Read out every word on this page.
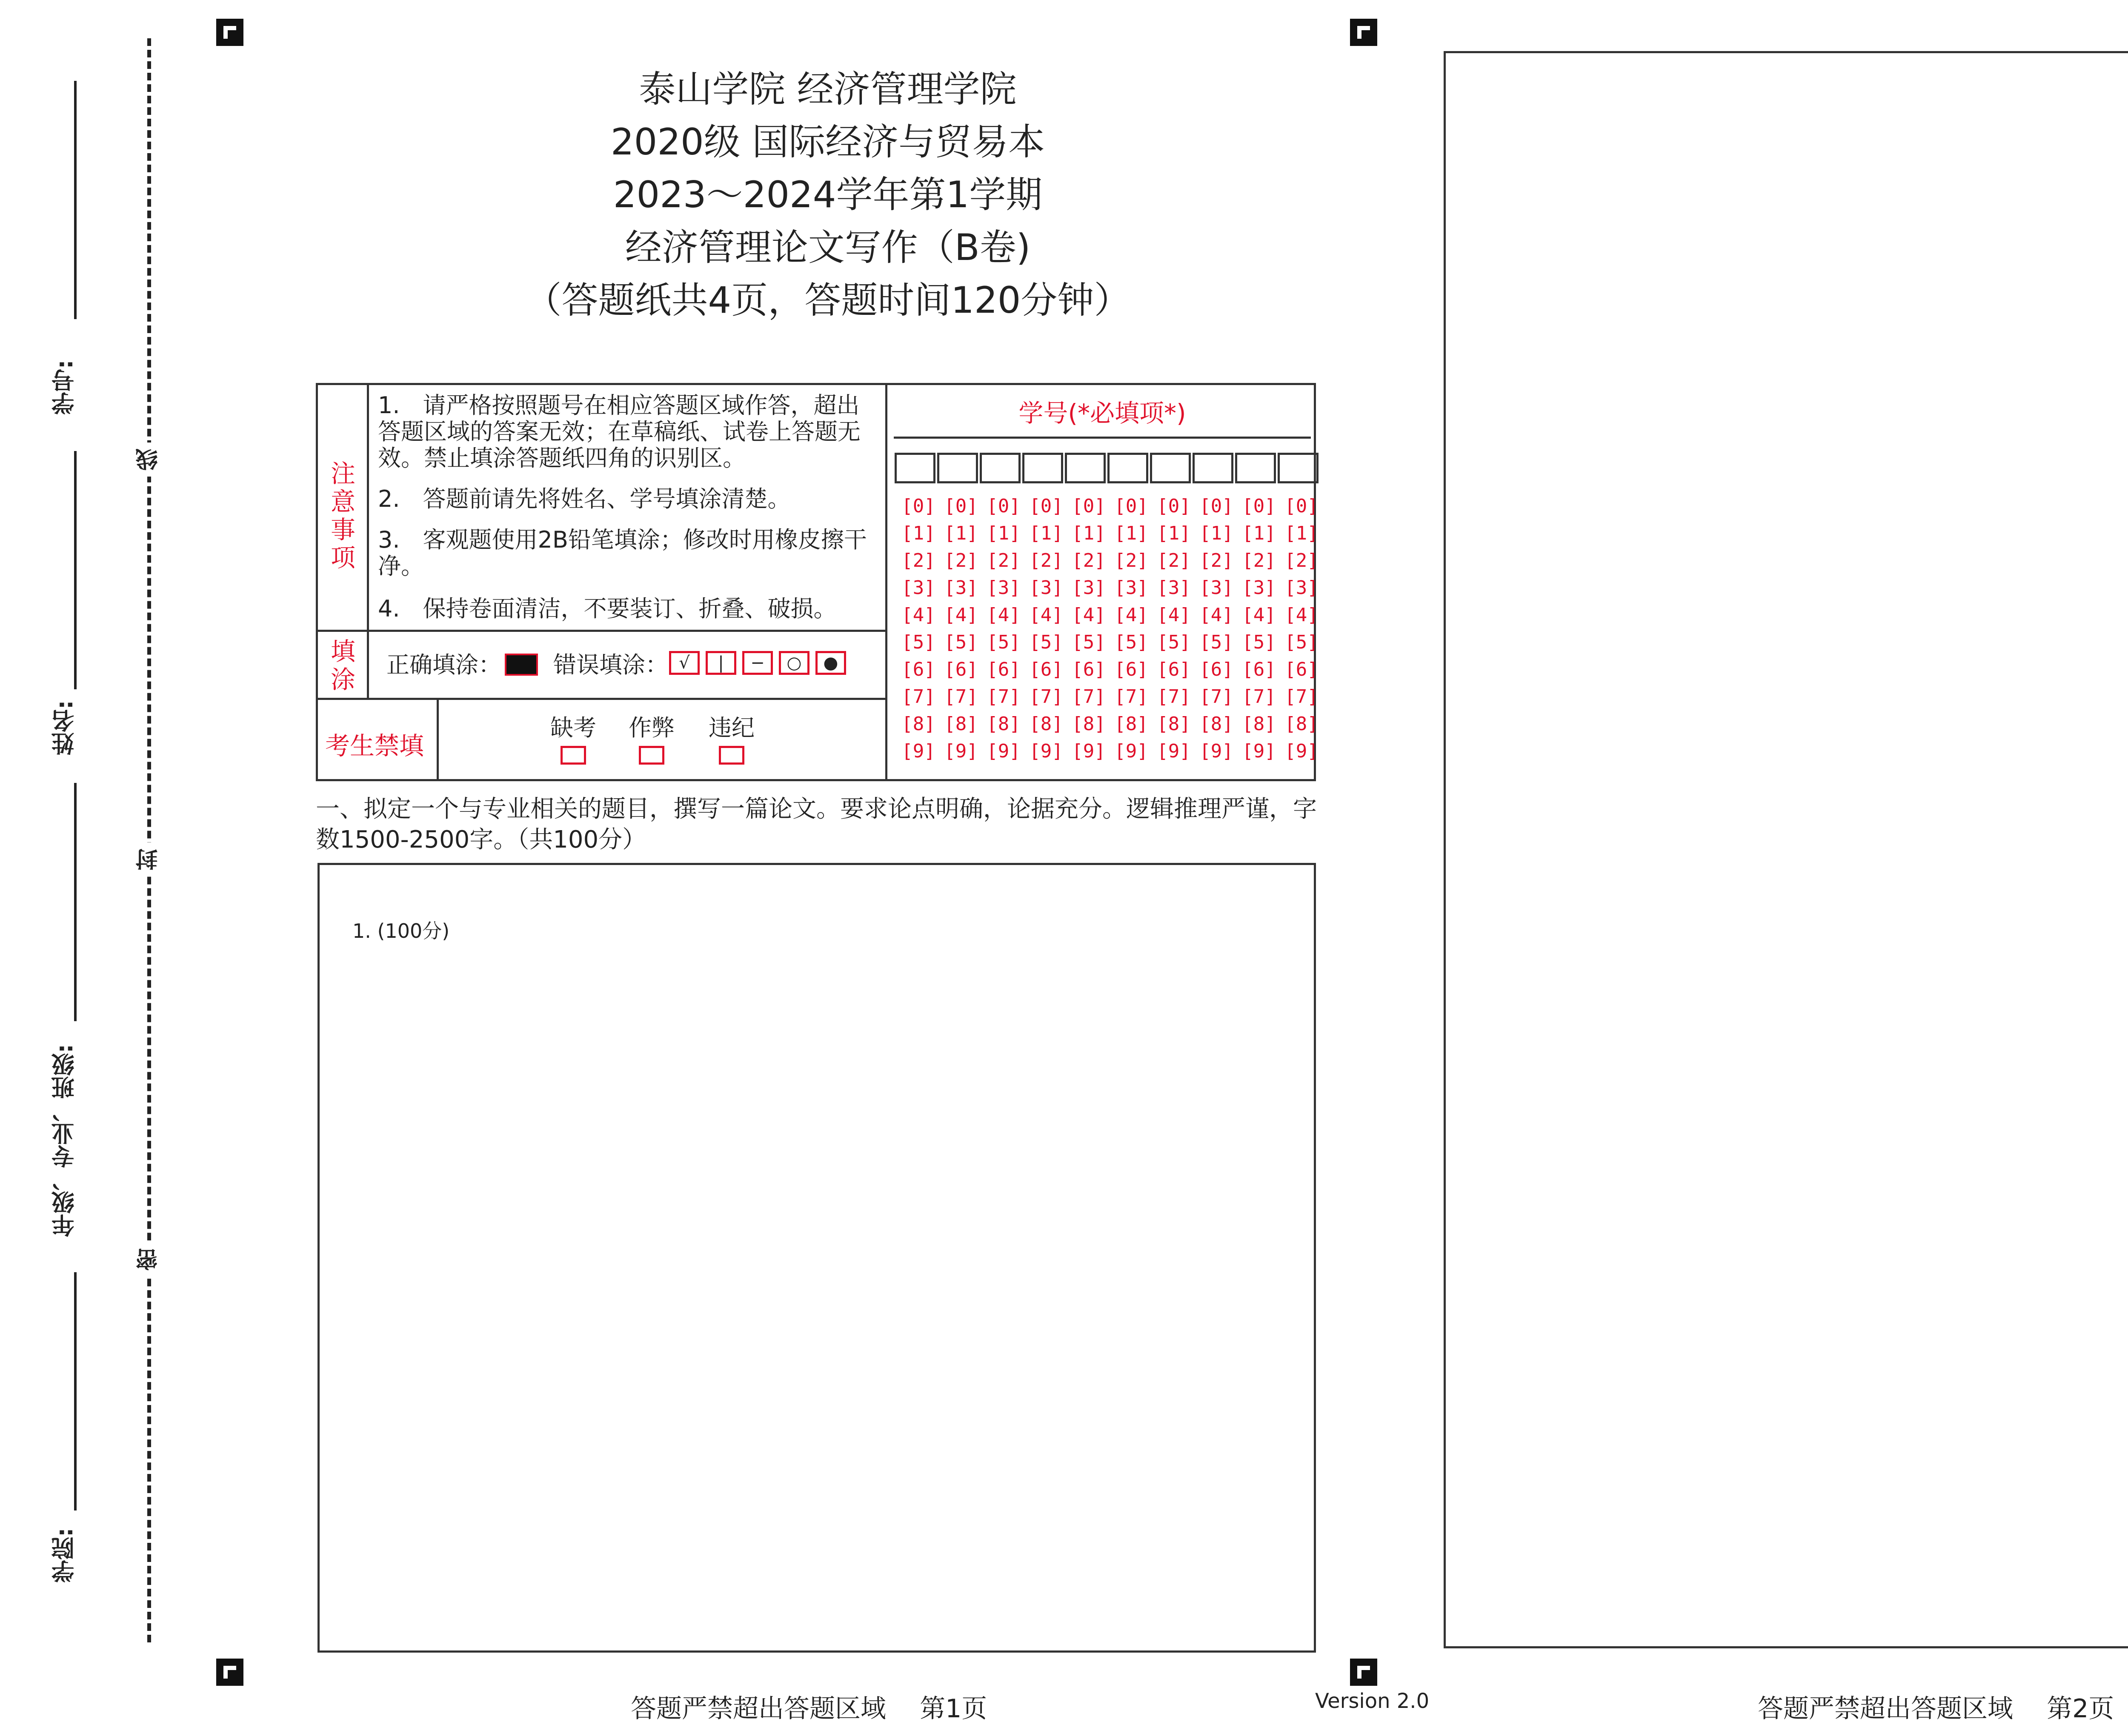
学号:
姓名:
年级、专业、班级:
学院:
线
封
密
泰山学院 经济管理学院
2020级 国际经济与贸易本
2023～2024学年第1学期
经济管理论文写作（B卷)
（答题纸共4页，答题时间120分钟）
注
意
事
项
1.　请严格按照题号在相应答题区域作答，超出答题区域的答案无效；在草稿纸、试卷上答题无效。禁止填涂答题纸四角的识别区。
2.　答题前请先将姓名、学号填涂清楚。
3.　客观题使用2B铅笔填涂；修改时用橡皮擦干净。
4.　保持卷面清洁，不要装订、折叠、破损。
填
涂
正确填涂： 错误填涂： √ | − ○ ●
考生禁填
缺考 作弊 违纪
学号(*必填项*)
[0] [0] [0] [0] [0] [0] [0] [0] [0] [0]
[1] [1] [1] [1] [1] [1] [1] [1] [1] [1]
[2] [2] [2] [2] [2] [2] [2] [2] [2] [2]
[3] [3] [3] [3] [3] [3] [3] [3] [3] [3]
[4] [4] [4] [4] [4] [4] [4] [4] [4] [4]
[5] [5] [5] [5] [5] [5] [5] [5] [5] [5]
[6] [6] [6] [6] [6] [6] [6] [6] [6] [6]
[7] [7] [7] [7] [7] [7] [7] [7] [7] [7]
[8] [8] [8] [8] [8] [8] [8] [8] [8] [8]
[9] [9] [9] [9] [9] [9] [9] [9] [9] [9]
一、拟定一个与专业相关的题目，撰写一篇论文。要求论点明确，论据充分。逻辑推理严谨，字数1500-2500字。（共100分）
1. (100分)
答题严禁超出答题区域　 第1页	Version 2.0	答题严禁超出答题区域　 第2页
